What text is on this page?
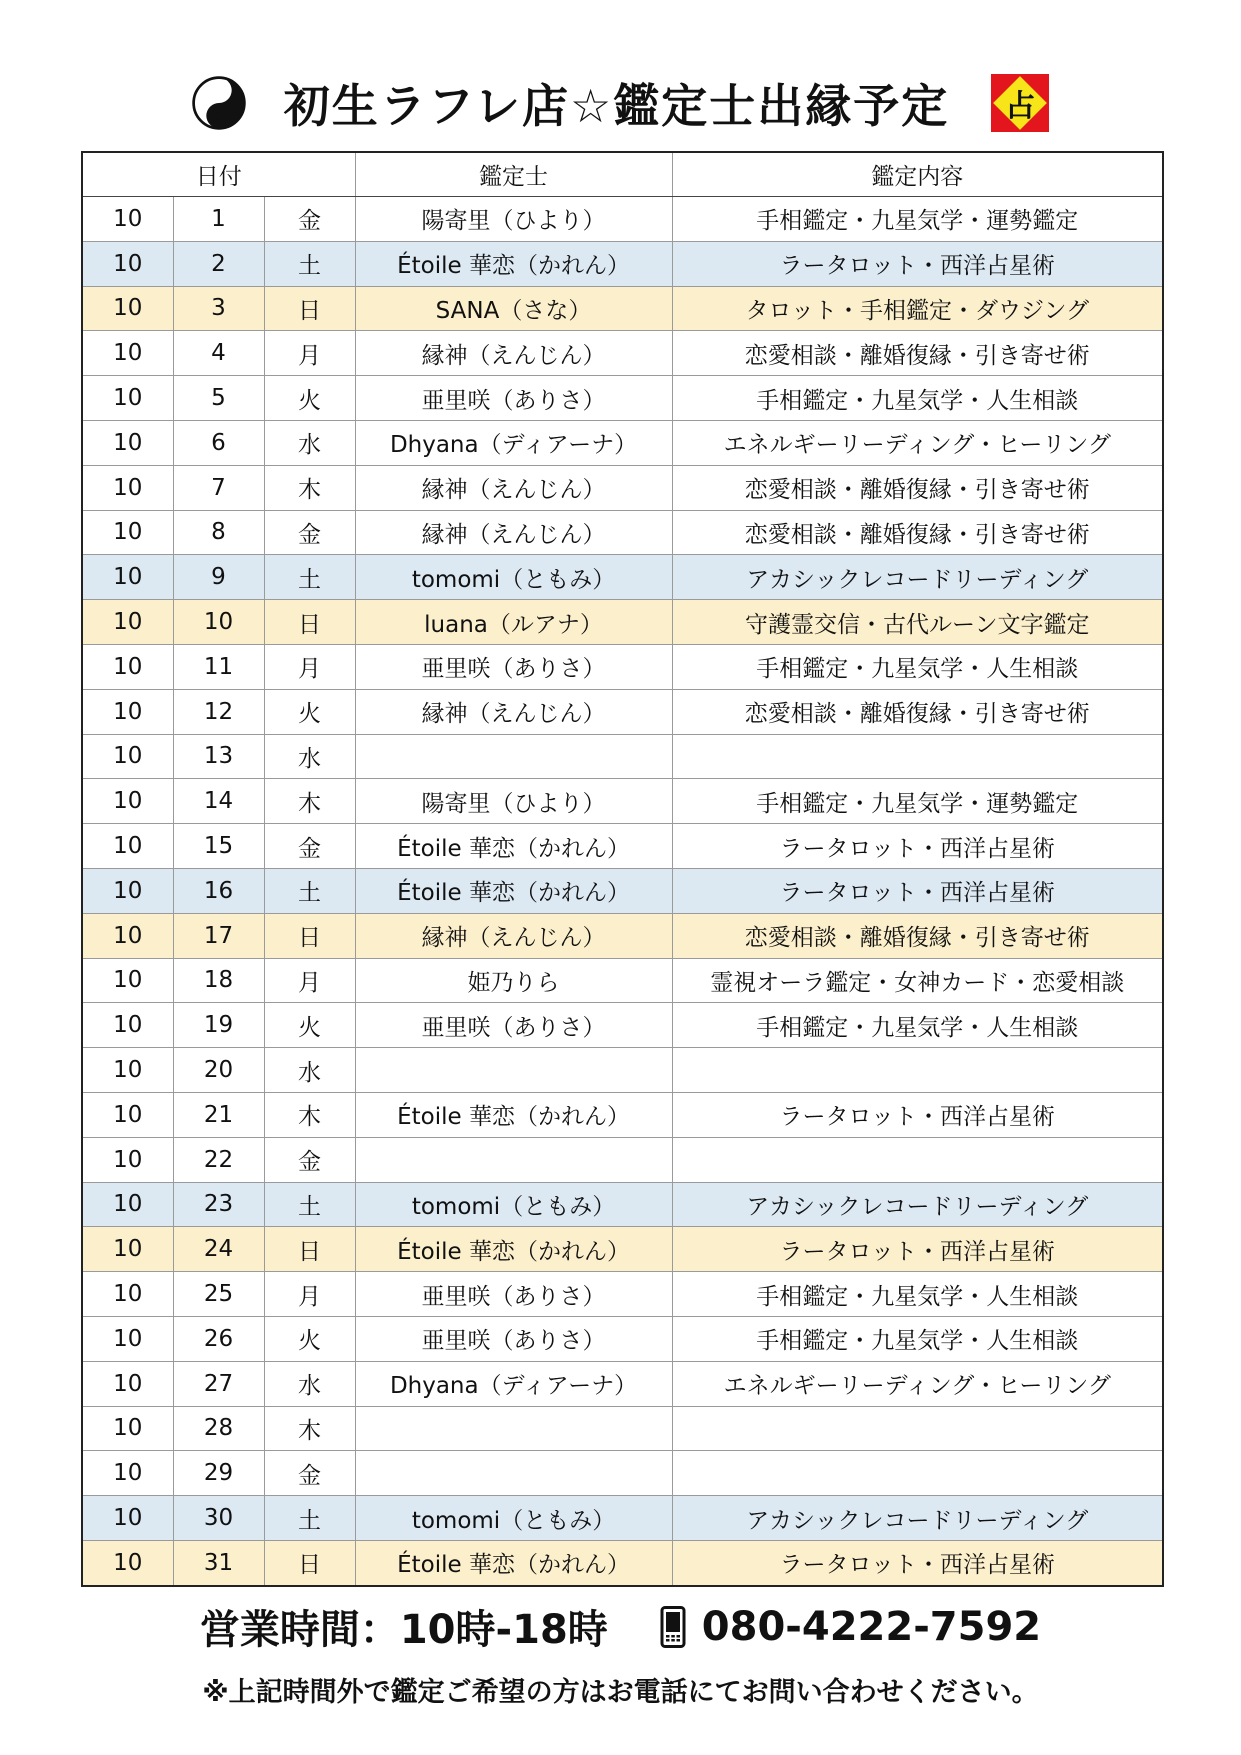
初生ラフレ店☆鑑定士出縁予定 占
日付			鑑定士	鑑定内容
10	1	金	陽寄里（ひより）	手相鑑定・九星気学・運勢鑑定
10	2	土	Étoile 華恋（かれん）	ラータロット・西洋占星術
10	3	日	SANA（さな）	タロット・手相鑑定・ダウジング
10	4	月	縁神（えんじん）	恋愛相談・離婚復縁・引き寄せ術
10	5	火	亜里咲（ありさ）	手相鑑定・九星気学・人生相談
10	6	水	Dhyana（ディアーナ）	エネルギーリーディング・ヒーリング
10	7	木	縁神（えんじん）	恋愛相談・離婚復縁・引き寄せ術
10	8	金	縁神（えんじん）	恋愛相談・離婚復縁・引き寄せ術
10	9	土	tomomi（ともみ）	アカシックレコードリーディング
10	10	日	luana（ルアナ）	守護霊交信・古代ルーン文字鑑定
10	11	月	亜里咲（ありさ）	手相鑑定・九星気学・人生相談
10	12	火	縁神（えんじん）	恋愛相談・離婚復縁・引き寄せ術
10	13	水		
10	14	木	陽寄里（ひより）	手相鑑定・九星気学・運勢鑑定
10	15	金	Étoile 華恋（かれん）	ラータロット・西洋占星術
10	16	土	Étoile 華恋（かれん）	ラータロット・西洋占星術
10	17	日	縁神（えんじん）	恋愛相談・離婚復縁・引き寄せ術
10	18	月	姫乃りら	霊視オーラ鑑定・女神カード・恋愛相談
10	19	火	亜里咲（ありさ）	手相鑑定・九星気学・人生相談
10	20	水		
10	21	木	Étoile 華恋（かれん）	ラータロット・西洋占星術
10	22	金		
10	23	土	tomomi（ともみ）	アカシックレコードリーディング
10	24	日	Étoile 華恋（かれん）	ラータロット・西洋占星術
10	25	月	亜里咲（ありさ）	手相鑑定・九星気学・人生相談
10	26	火	亜里咲（ありさ）	手相鑑定・九星気学・人生相談
10	27	水	Dhyana（ディアーナ）	エネルギーリーディング・ヒーリング
10	28	木		
10	29	金		
10	30	土	tomomi（ともみ）	アカシックレコードリーディング
10	31	日	Étoile 華恋（かれん）	ラータロット・西洋占星術
営業時間：10時-18時 080-4222-7592
※上記時間外で鑑定ご希望の方はお電話にてお問い合わせください。
